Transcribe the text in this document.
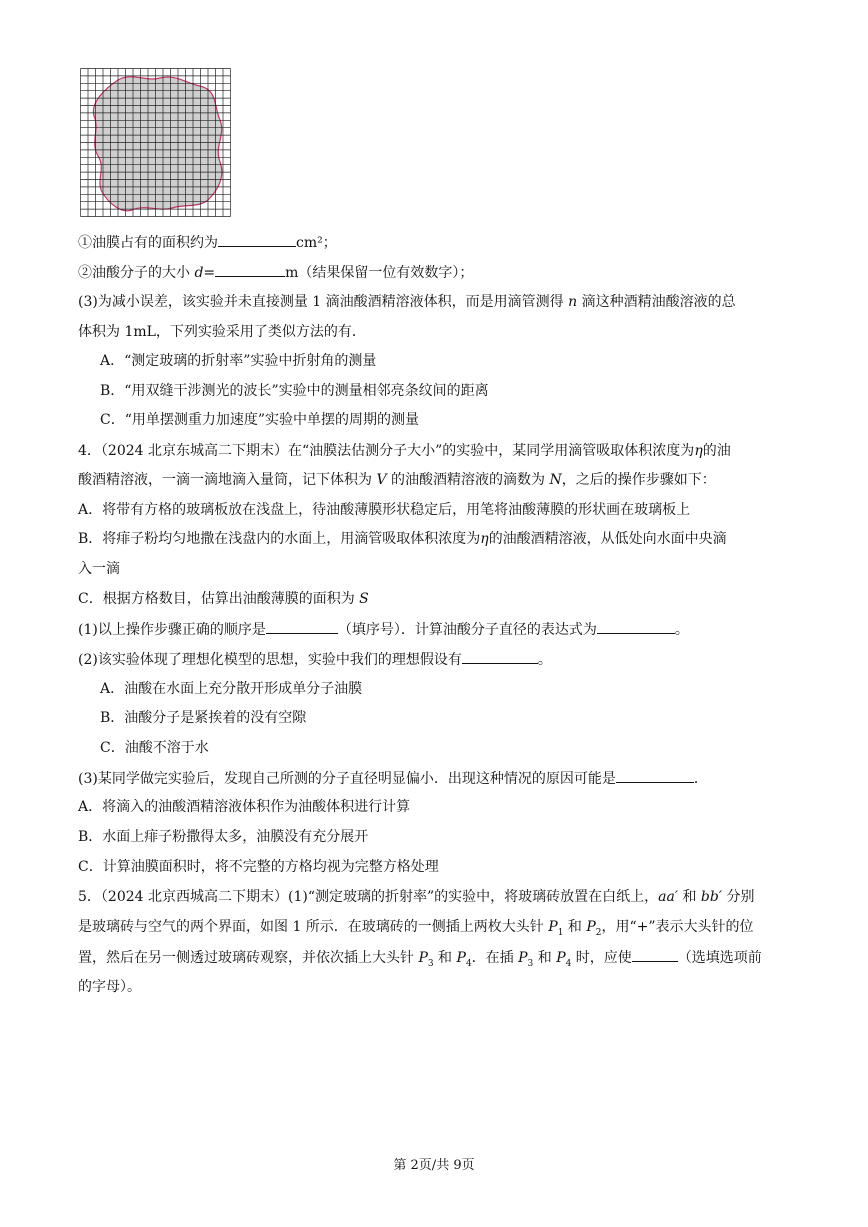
①油膜占有的面积约为	cm²；
②油酸分子的大小 d=	m（结果保留一位有效数字）；
(3)为减小误差，该实验并未直接测量 1 滴油酸酒精溶液体积，而是用滴管测得 n 滴这种酒精油酸溶液的总
体积为 1mL，下列实验采用了类似方法的有．
A．“测定玻璃的折射率”实验中折射角的测量
B．“用双缝干涉测光的波长”实验中的测量相邻亮条纹间的距离
C．“用单摆测重力加速度”实验中单摆的周期的测量
4．（2024 北京东城高二下期末）在“油膜法估测分子大小”的实验中，某同学用滴管吸取体积浓度为η的油
酸酒精溶液，一滴一滴地滴入量筒，记下体积为 V 的油酸酒精溶液的滴数为 N，之后的操作步骤如下：
A．将带有方格的玻璃板放在浅盘上，待油酸薄膜形状稳定后，用笔将油酸薄膜的形状画在玻璃板上
B．将痱子粉均匀地撒在浅盘内的水面上，用滴管吸取体积浓度为η的油酸酒精溶液，从低处向水面中央滴
入一滴
C．根据方格数目，估算出油酸薄膜的面积为 S
(1)以上操作步骤正确的顺序是	（填序号）．计算油酸分子直径的表达式为	。
(2)该实验体现了理想化模型的思想，实验中我们的理想假设有	。
A．油酸在水面上充分散开形成单分子油膜
B．油酸分子是紧挨着的没有空隙
C．油酸不溶于水
(3)某同学做完实验后，发现自己所测的分子直径明显偏小．出现这种情况的原因可能是	．
A．将滴入的油酸酒精溶液体积作为油酸体积进行计算
B．水面上痱子粉撒得太多，油膜没有充分展开
C．计算油膜面积时，将不完整的方格均视为完整方格处理
5．（2024 北京西城高二下期末）(1)“测定玻璃的折射率”的实验中，将玻璃砖放置在白纸上，aa′ 和 bb′ 分别
是玻璃砖与空气的两个界面，如图 1 所示．在玻璃砖的一侧插上两枚大头针 $P_1$ 和 $P_2$，用“+”表示大头针的位
置，然后在另一侧透过玻璃砖观察，并依次插上大头针 $P_3$ 和 $P_4$．在插 $P_3$ 和 $P_4$ 时，应使	（选填选项前
的字母）。
第 2页/共 9页
